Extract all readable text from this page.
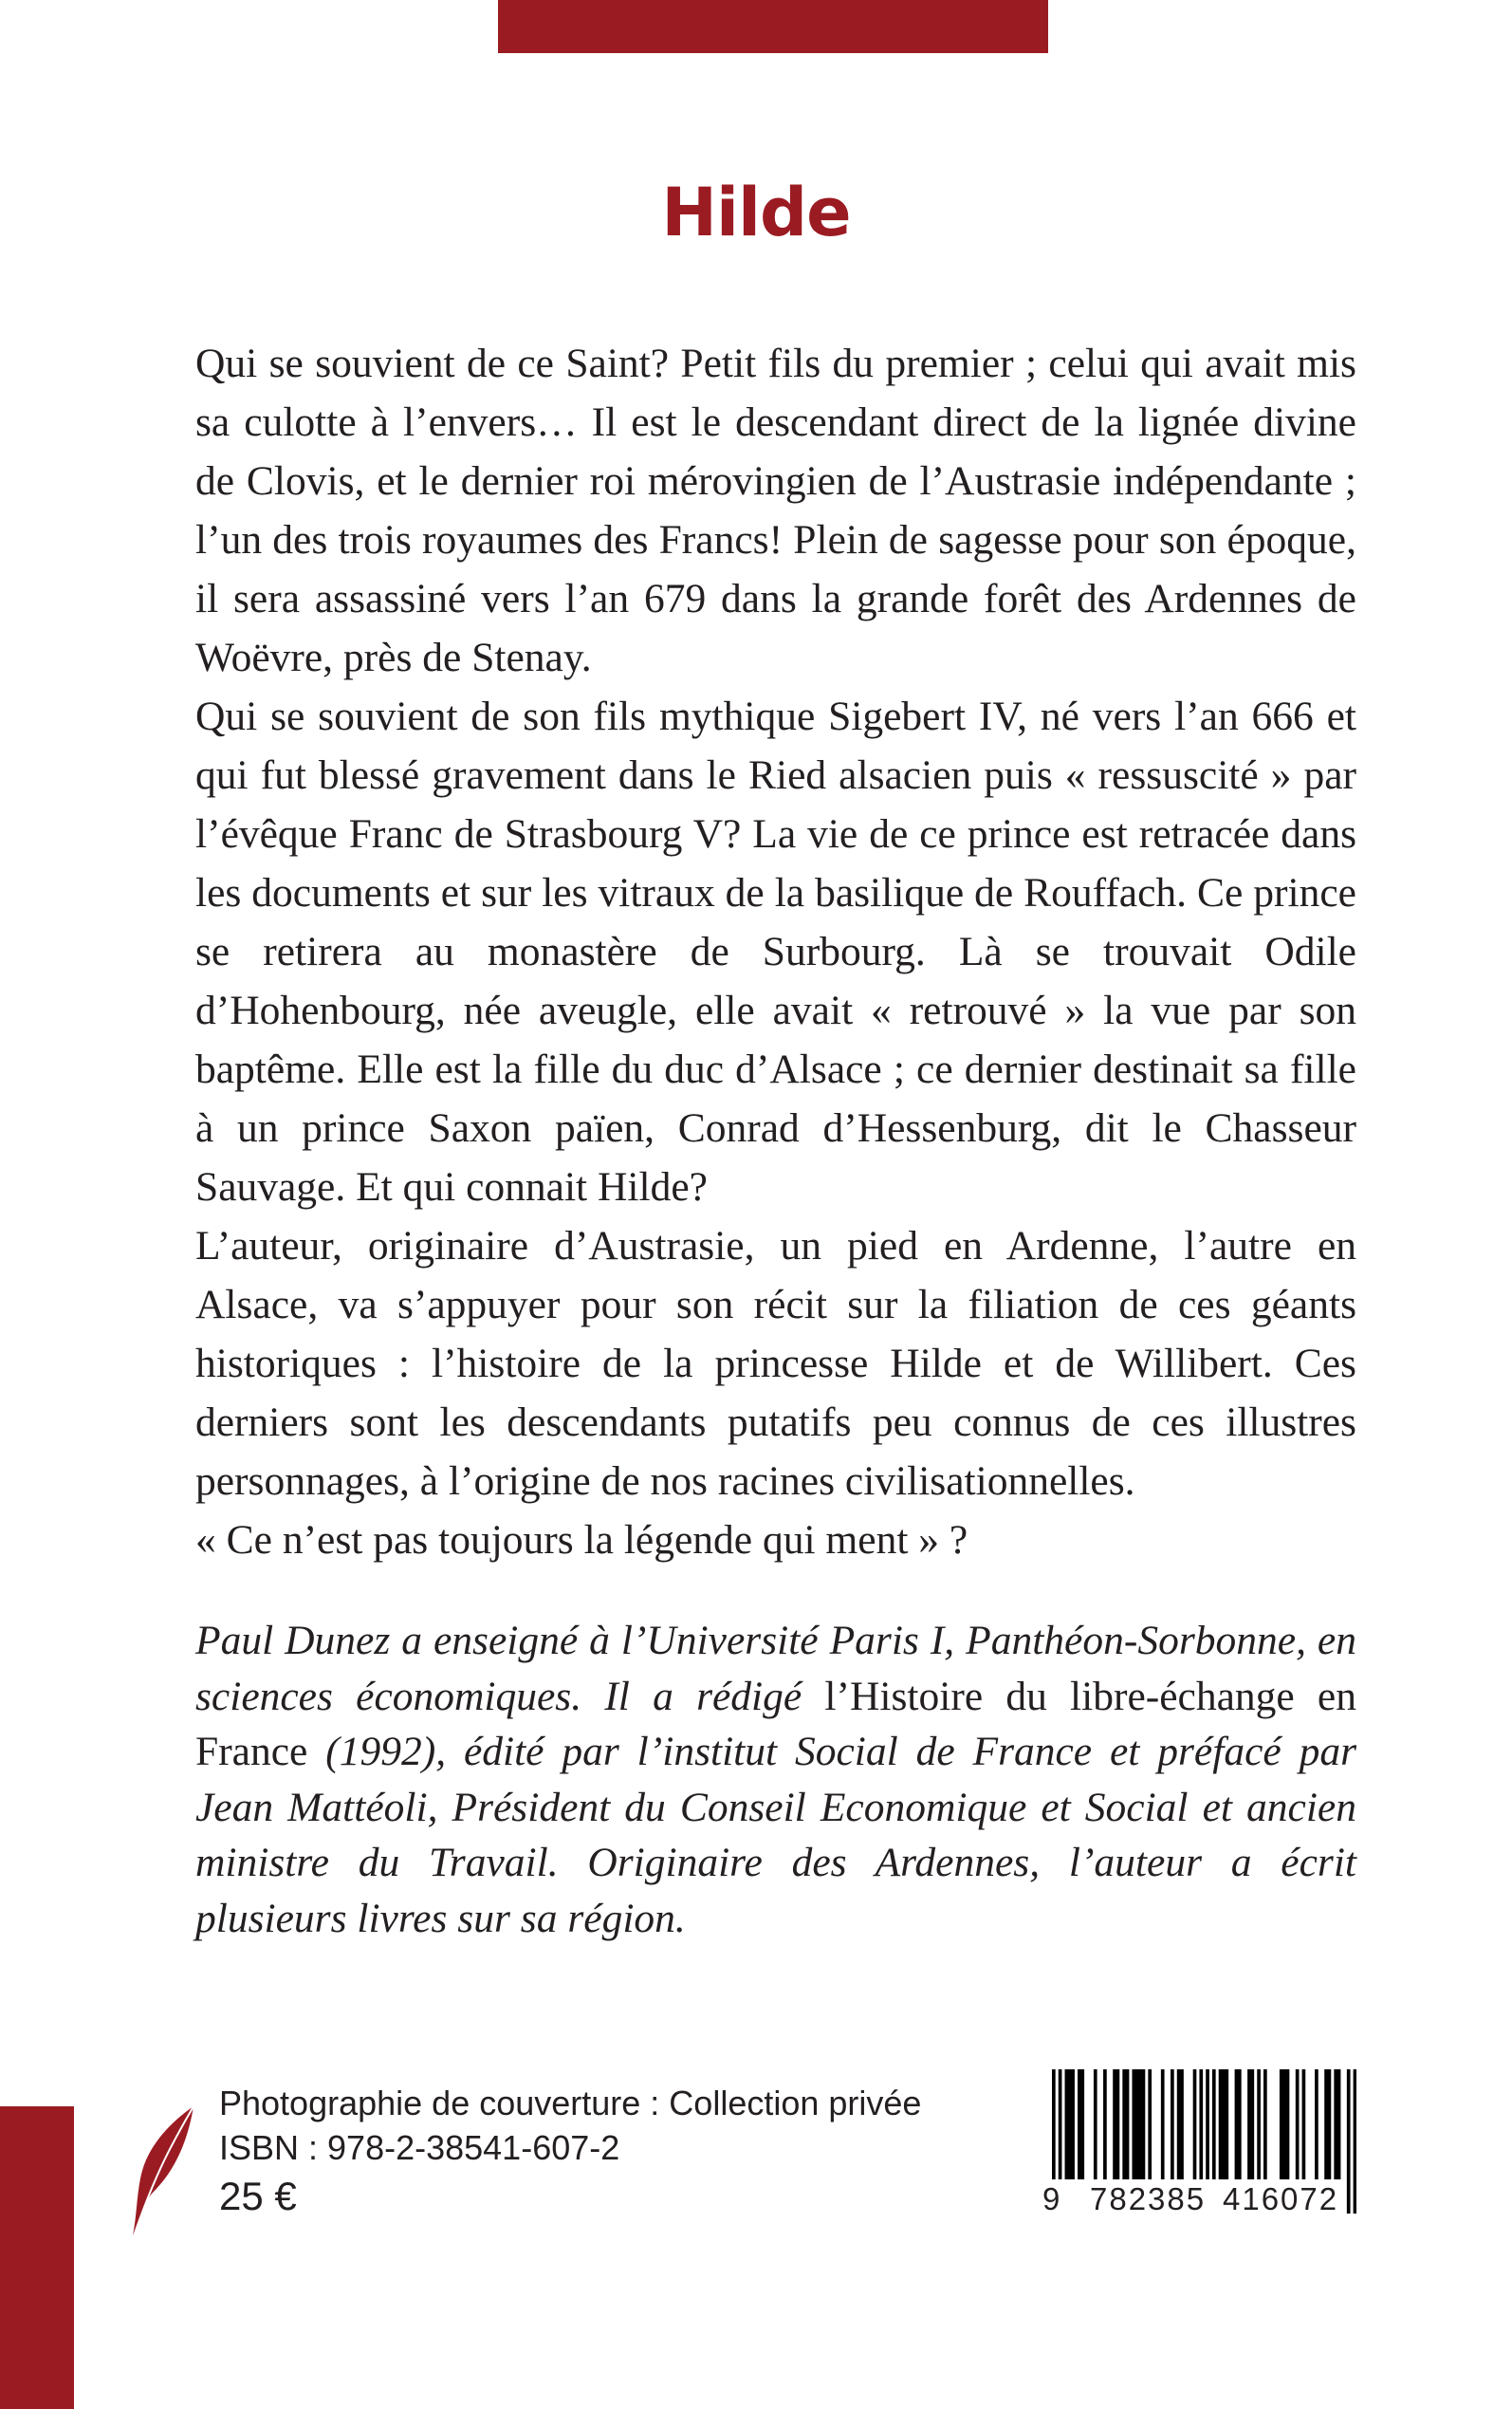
Hilde

Qui se souvient de ce Saint? Petit fils du premier ; celui qui avait mis sa culotte à l’envers… Il est le descendant direct de la lignée divine de Clovis, et le dernier roi mérovingien de l’Austrasie indépendante ; l’un des trois royaumes des Francs! Plein de sagesse pour son époque, il sera assassiné vers l’an 679 dans la grande forêt des Ardennes de Woëvre, près de Stenay.

Qui se souvient de son fils mythique Sigebert IV, né vers l’an 666 et qui fut blessé gravement dans le Ried alsacien puis « ressuscité » par l’évêque Franc de Strasbourg V? La vie de ce prince est retracée dans les documents et sur les vitraux de la basilique de Rouffach. Ce prince se retirera au monastère de Surbourg. Là se trouvait Odile d’Hohenbourg, née aveugle, elle avait « retrouvé » la vue par son baptême. Elle est la fille du duc d’Alsace ; ce dernier destinait sa fille à un prince Saxon païen, Conrad d’Hessenburg, dit le Chasseur Sauvage. Et qui connait Hilde?

L’auteur, originaire d’Austrasie, un pied en Ardenne, l’autre en Alsace, va s’appuyer pour son récit sur la filiation de ces géants historiques : l’histoire de la princesse Hilde et de Willibert. Ces derniers sont les descendants putatifs peu connus de ces illustres personnages, à l’origine de nos racines civilisationnelles.

« Ce n’est pas toujours la légende qui ment » ?

Paul Dunez a enseigné à l’Université Paris I, Panthéon-Sorbonne, en sciences économiques. Il a rédigé l’Histoire du libre-échange en France (1992), édité par l’institut Social de France et préfacé par Jean Mattéoli, Président du Conseil Economique et Social et ancien ministre du Travail. Originaire des Ardennes, l’auteur a écrit plusieurs livres sur sa région.

Photographie de couverture : Collection privée
ISBN : 978-2-38541-607-2
25 €	9 782385 416072
